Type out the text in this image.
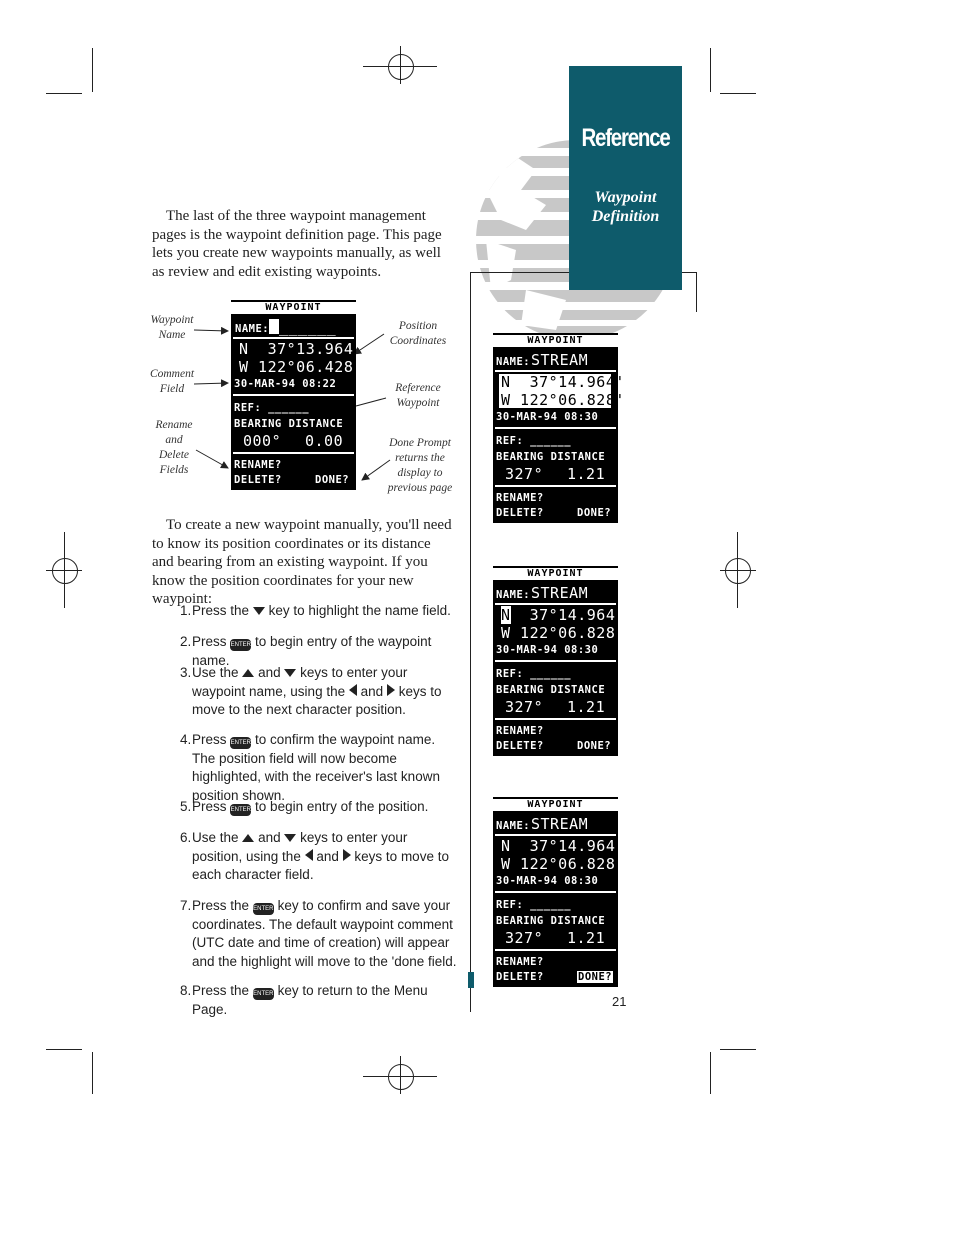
Reference
Waypoint
Definition
The last of the three waypoint management pages is the waypoint definition page. This page lets you create new waypoints manually, as well as review and edit existing waypoints.
Waypoint
Name
Comment
Field
Rename
and
Delete
Fields
Position
Coordinates
Reference
Waypoint
Done Prompt
returns the
display to
previous page
WAYPOINT
NAME: ______
N  37°13.964'
W 122°06.428'
30-MAR-94 08:22
REF: ______
BEARING DISTANCE
000° 0.00
RENAME?
DELETE?	DONE?
To create a new waypoint manually, you'll need to know its position coordinates or its distance and bearing from an existing waypoint. If you know the position coordinates for your new waypoint:
1. Press the key to highlight the name field.
2. Press ENTER to begin entry of the waypoint name.
3. Use the and keys to enter your waypoint name, using the and keys to move to the next character position.
4. Press ENTER to confirm the waypoint name. The position field will now become highlighted, with the receiver's last known position shown.
5. Press ENTER to begin entry of the position.
6. Use the and keys to enter your position, using the and keys to move to each character field.
7. Press the ENTER key to confirm and save your coordinates. The default waypoint comment (UTC date and time of creation) will appear and the highlight will move to the 'done field.
8. Press the ENTER key to return to the Menu Page.
WAYPOINT
NAME: STREAM
N  37°14.964'
W 122°06.828'
30-MAR-94 08:30
REF: ______
BEARING DISTANCE
327° 1.21
RENAME?
DELETE?	DONE?
WAYPOINT
NAME: STREAM
N 37°14.964'
W 122°06.828'
30-MAR-94 08:30
REF: ______
BEARING DISTANCE
327° 1.21
RENAME?
DELETE?	DONE?
WAYPOINT
NAME: STREAM
N  37°14.964'
W 122°06.828'
30-MAR-94 08:30
REF: ______
BEARING DISTANCE
327° 1.21
RENAME?
DELETE?	DONE?
21
